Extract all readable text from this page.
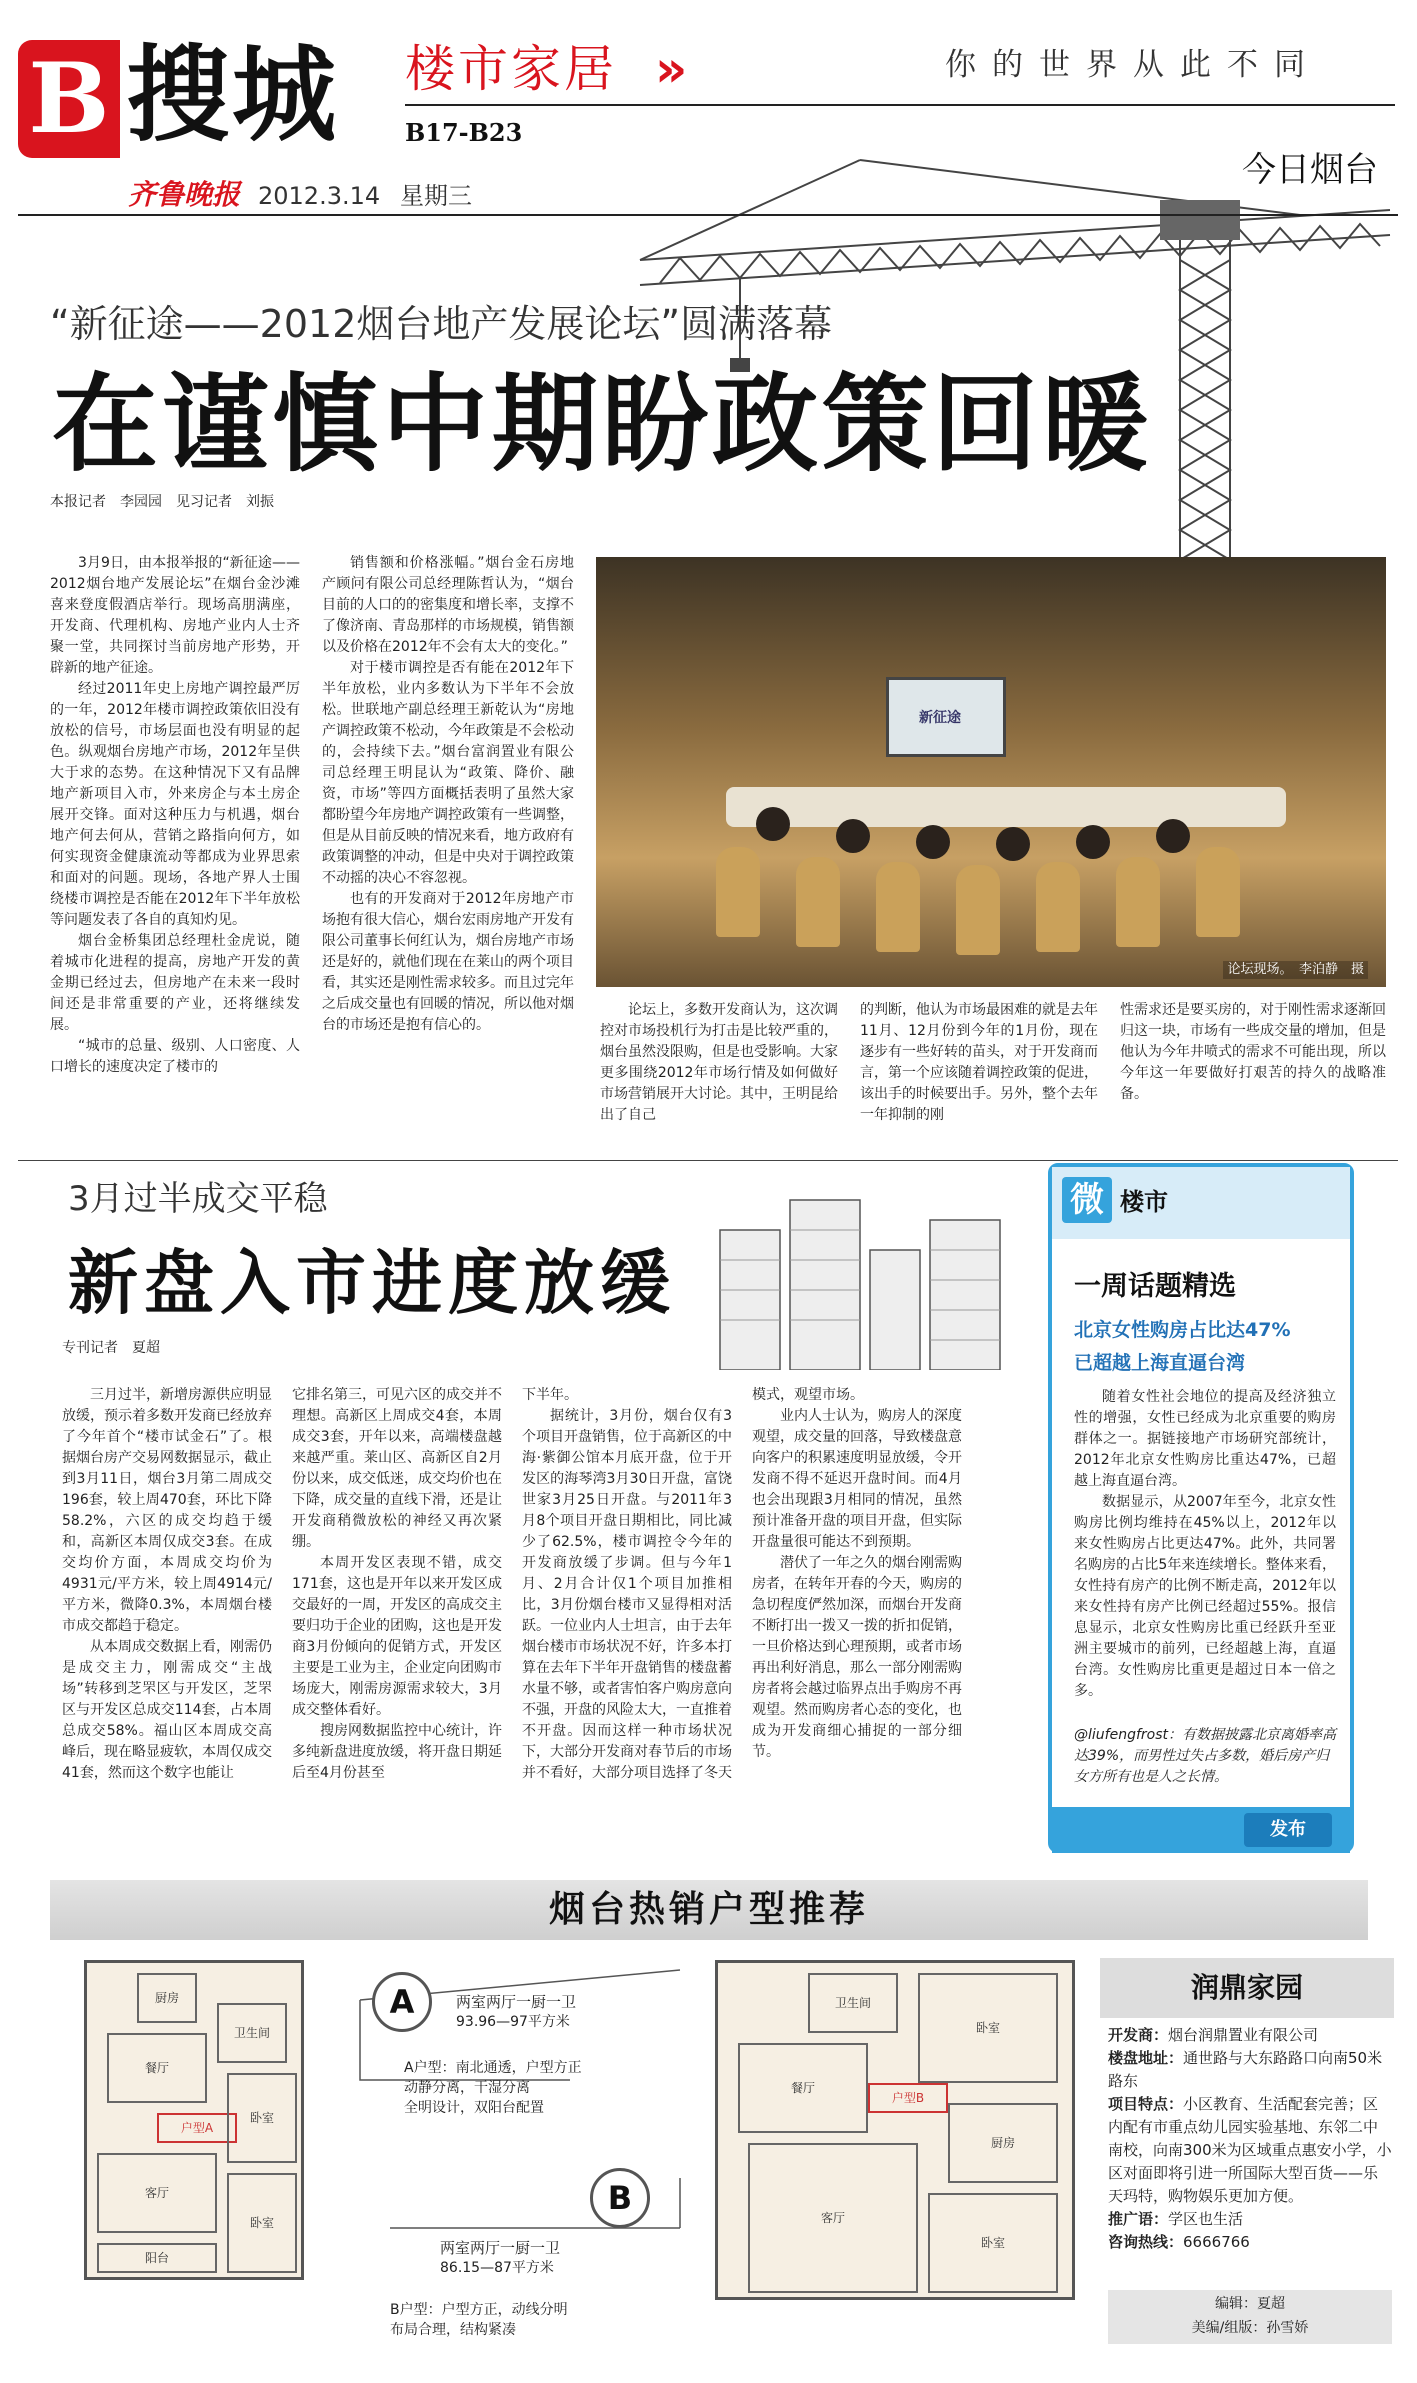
B 搜城 楼市家居 »
B17-B23
你的世界从此不同
齐鲁晚报 2012.3.14 星期三
今日烟台
“新征途——2012烟台地产发展论坛”圆满落幕
在谨慎中期盼政策回暖
本报记者　李园园　见习记者　刘振

3月9日，由本报举报的“新征途——2012烟台地产发展论坛”在烟台金沙滩喜来登度假酒店举行。现场高朋满座，开发商、代理机构、房地产业内人士齐聚一堂，共同探讨当前房地产形势，开辟新的地产征途。

经过2011年史上房地产调控最严厉的一年，2012年楼市调控政策依旧没有放松的信号，市场层面也没有明显的起色。纵观烟台房地产市场，2012年呈供大于求的态势。在这种情况下又有品牌地产新项目入市，外来房企与本土房企展开交锋。面对这种压力与机遇，烟台地产何去何从，营销之路指向何方，如何实现资金健康流动等都成为业界思索和面对的问题。现场，各地产界人士围绕楼市调控是否能在2012年下半年放松等问题发表了各自的真知灼见。

烟台金桥集团总经理杜金虎说，随着城市化进程的提高，房地产开发的黄金期已经过去，但房地产在未来一段时间还是非常重要的产业，还将继续发展。

“城市的总量、级别、人口密度、人口增长的速度决定了楼市的

销售额和价格涨幅。”烟台金石房地产顾问有限公司总经理陈哲认为，“烟台目前的人口的的密集度和增长率，支撑不了像济南、青岛那样的市场规模，销售额以及价格在2012年不会有太大的变化。”

对于楼市调控是否有能在2012年下半年放松，业内多数认为下半年不会放松。世联地产副总经理王新乾认为“房地产调控政策不松动，今年政策是不会松动的，会持续下去。”烟台富润置业有限公司总经理王明昆认为“政策、降价、融资，市场”等四方面概括表明了虽然大家都盼望今年房地产调控政策有一些调整，但是从目前反映的情况来看，地方政府有政策调整的冲动，但是中央对于调控政策不动摇的决心不容忽视。

也有的开发商对于2012年房地产市场抱有很大信心，烟台宏雨房地产开发有限公司董事长何红认为，烟台房地产市场还是好的，就他们现在在莱山的两个项目看，其实还是刚性需求较多。而且过完年之后成交量也有回暖的情况，所以他对烟台的市场还是抱有信心的。

新征途
论坛现场。　李泊静　摄

论坛上，多数开发商认为，这次调控对市场投机行为打击是比较严重的，烟台虽然没限购，但是也受影响。大家更多围绕2012年市场行情及如何做好市场营销展开大讨论。其中，王明昆给出了自己

的判断，他认为市场最困难的就是去年11月、12月份到今年的1月份，现在逐步有一些好转的苗头，对于开发商而言，第一个应该随着调控政策的促进，该出手的时候要出手。另外，整个去年一年抑制的刚

性需求还是要买房的，对于刚性需求逐渐回归这一块，市场有一些成交量的增加，但是他认为今年井喷式的需求不可能出现，所以今年这一年要做好打艰苦的持久的战略准备。

3月过半成交平稳
新盘入市进度放缓
专刊记者　夏超

三月过半，新增房源供应明显放缓，预示着多数开发商已经放弃了今年首个“楼市试金石”了。根据烟台房产交易网数据显示，截止到3月11日，烟台3月第二周成交196套，较上周470套，环比下降58.2%，六区的成交均趋于缓和，高新区本周仅成交3套。在成交均价方面，本周成交均价为4931元/平方米，较上周4914元/平方米，微降0.3%，本周烟台楼市成交都趋于稳定。

从本周成交数据上看，刚需仍是成交主力，刚需成交“主战场”转移到芝罘区与开发区，芝罘区与开发区总成交114套，占本周总成交58%。福山区本周成交高峰后，现在略显疲软，本周仅成交41套，然而这个数字也能让

它排名第三，可见六区的成交并不理想。高新区上周成交4套，本周成交3套，开年以来，高端楼盘越来越严重。莱山区、高新区自2月份以来，成交低迷，成交均价也在下降，成交量的直线下滑，还是让开发商稍微放松的神经又再次紧绷。

本周开发区表现不错，成交171套，这也是开年以来开发区成交最好的一周，开发区的高成交主要归功于企业的团购，这也是开发商3月份倾向的促销方式，开发区主要是工业为主，企业定向团购市场庞大，刚需房源需求较大，3月成交整体看好。

搜房网数据监控中心统计，许多纯新盘进度放缓，将开盘日期延后至4月份甚至

下半年。

据统计，3月份，烟台仅有3个项目开盘销售，位于高新区的中海·紫御公馆本月底开盘，位于开发区的海琴湾3月30日开盘，富饶世家3月25日开盘。与2011年3月8个项目开盘日期相比，同比减少了62.5%，楼市调控令今年的开发商放缓了步调。但与今年1月、2月合计仅1个项目加推相比，3月份烟台楼市又显得相对活跃。一位业内人士坦言，由于去年烟台楼市市场状况不好，许多本打算在去年下半年开盘销售的楼盘蓄水量不够，或者害怕客户购房意向不强，开盘的风险太大，一直推着不开盘。因而这样一种市场状况下，大部分开发商对春节后的市场并不看好，大部分项目选择了冬天

模式，观望市场。

业内人士认为，购房人的深度观望，成交量的回落，导致楼盘意向客户的积累速度明显放缓，令开发商不得不延迟开盘时间。而4月也会出现跟3月相同的情况，虽然预计准备开盘的项目开盘，但实际开盘量很可能达不到预期。

潜伏了一年之久的烟台刚需购房者，在转年开春的今天，购房的急切程度俨然加深，而烟台开发商不断打出一拨又一拨的折扣促销，一旦价格达到心理预期，或者市场再出利好消息，那么一部分刚需购房者将会越过临界点出手购房不再观望。然而购房者心态的变化，也成为开发商细心捕捉的一部分细节。

微 楼市
一周话题精选
北京女性购房占比达47%
已超越上海直逼台湾

随着女性社会地位的提高及经济独立性的增强，女性已经成为北京重要的购房群体之一。据链接地产市场研究部统计，2012年北京女性购房比重达47%，已超越上海直逼台湾。

数据显示，从2007年至今，北京女性购房比例均维持在45%以上，2012年以来女性购房占比更达47%。此外，共同署名购房的占比5年来连续增长。整体来看，女性持有房产的比例不断走高，2012年以来女性持有房产比例已经超过55%。报信息显示，北京女性购房比重已经跃升至亚洲主要城市的前列，已经超越上海，直逼台湾。女性购房比重更是超过日本一倍之多。

@liufengfrost：有数据披露北京离婚率高达39%，而男性过失占多数，婚后房产归女方所有也是人之长情。
发布
烟台热销户型推荐
厨房
餐厅
卫生间
户型A
卧室
客厅
阳台
卧室
A	两室两厅一厨一卫
93.96—97平方米
A户型：南北通透，户型方正
动静分离，干湿分离
全明设计，双阳台配置
B
两室两厅一厨一卫
86.15—87平方米
B户型：户型方正，动线分明
布局合理，结构紧凑
卫生间
卧室
餐厅
户型B
厨房
客厅
卧室
润鼎家园
开发商：烟台润鼎置业有限公司
楼盘地址：通世路与大东路路口向南50米路东
项目特点：小区教育、生活配套完善；区内配有市重点幼儿园实验基地、东邻二中南校，向南300米为区域重点惠安小学，小区对面即将引进一所国际大型百货——乐天玛特，购物娱乐更加方便。
推广语：学区也生活
咨询热线：6666766
编辑：夏超
美编/组版：孙雪娇
